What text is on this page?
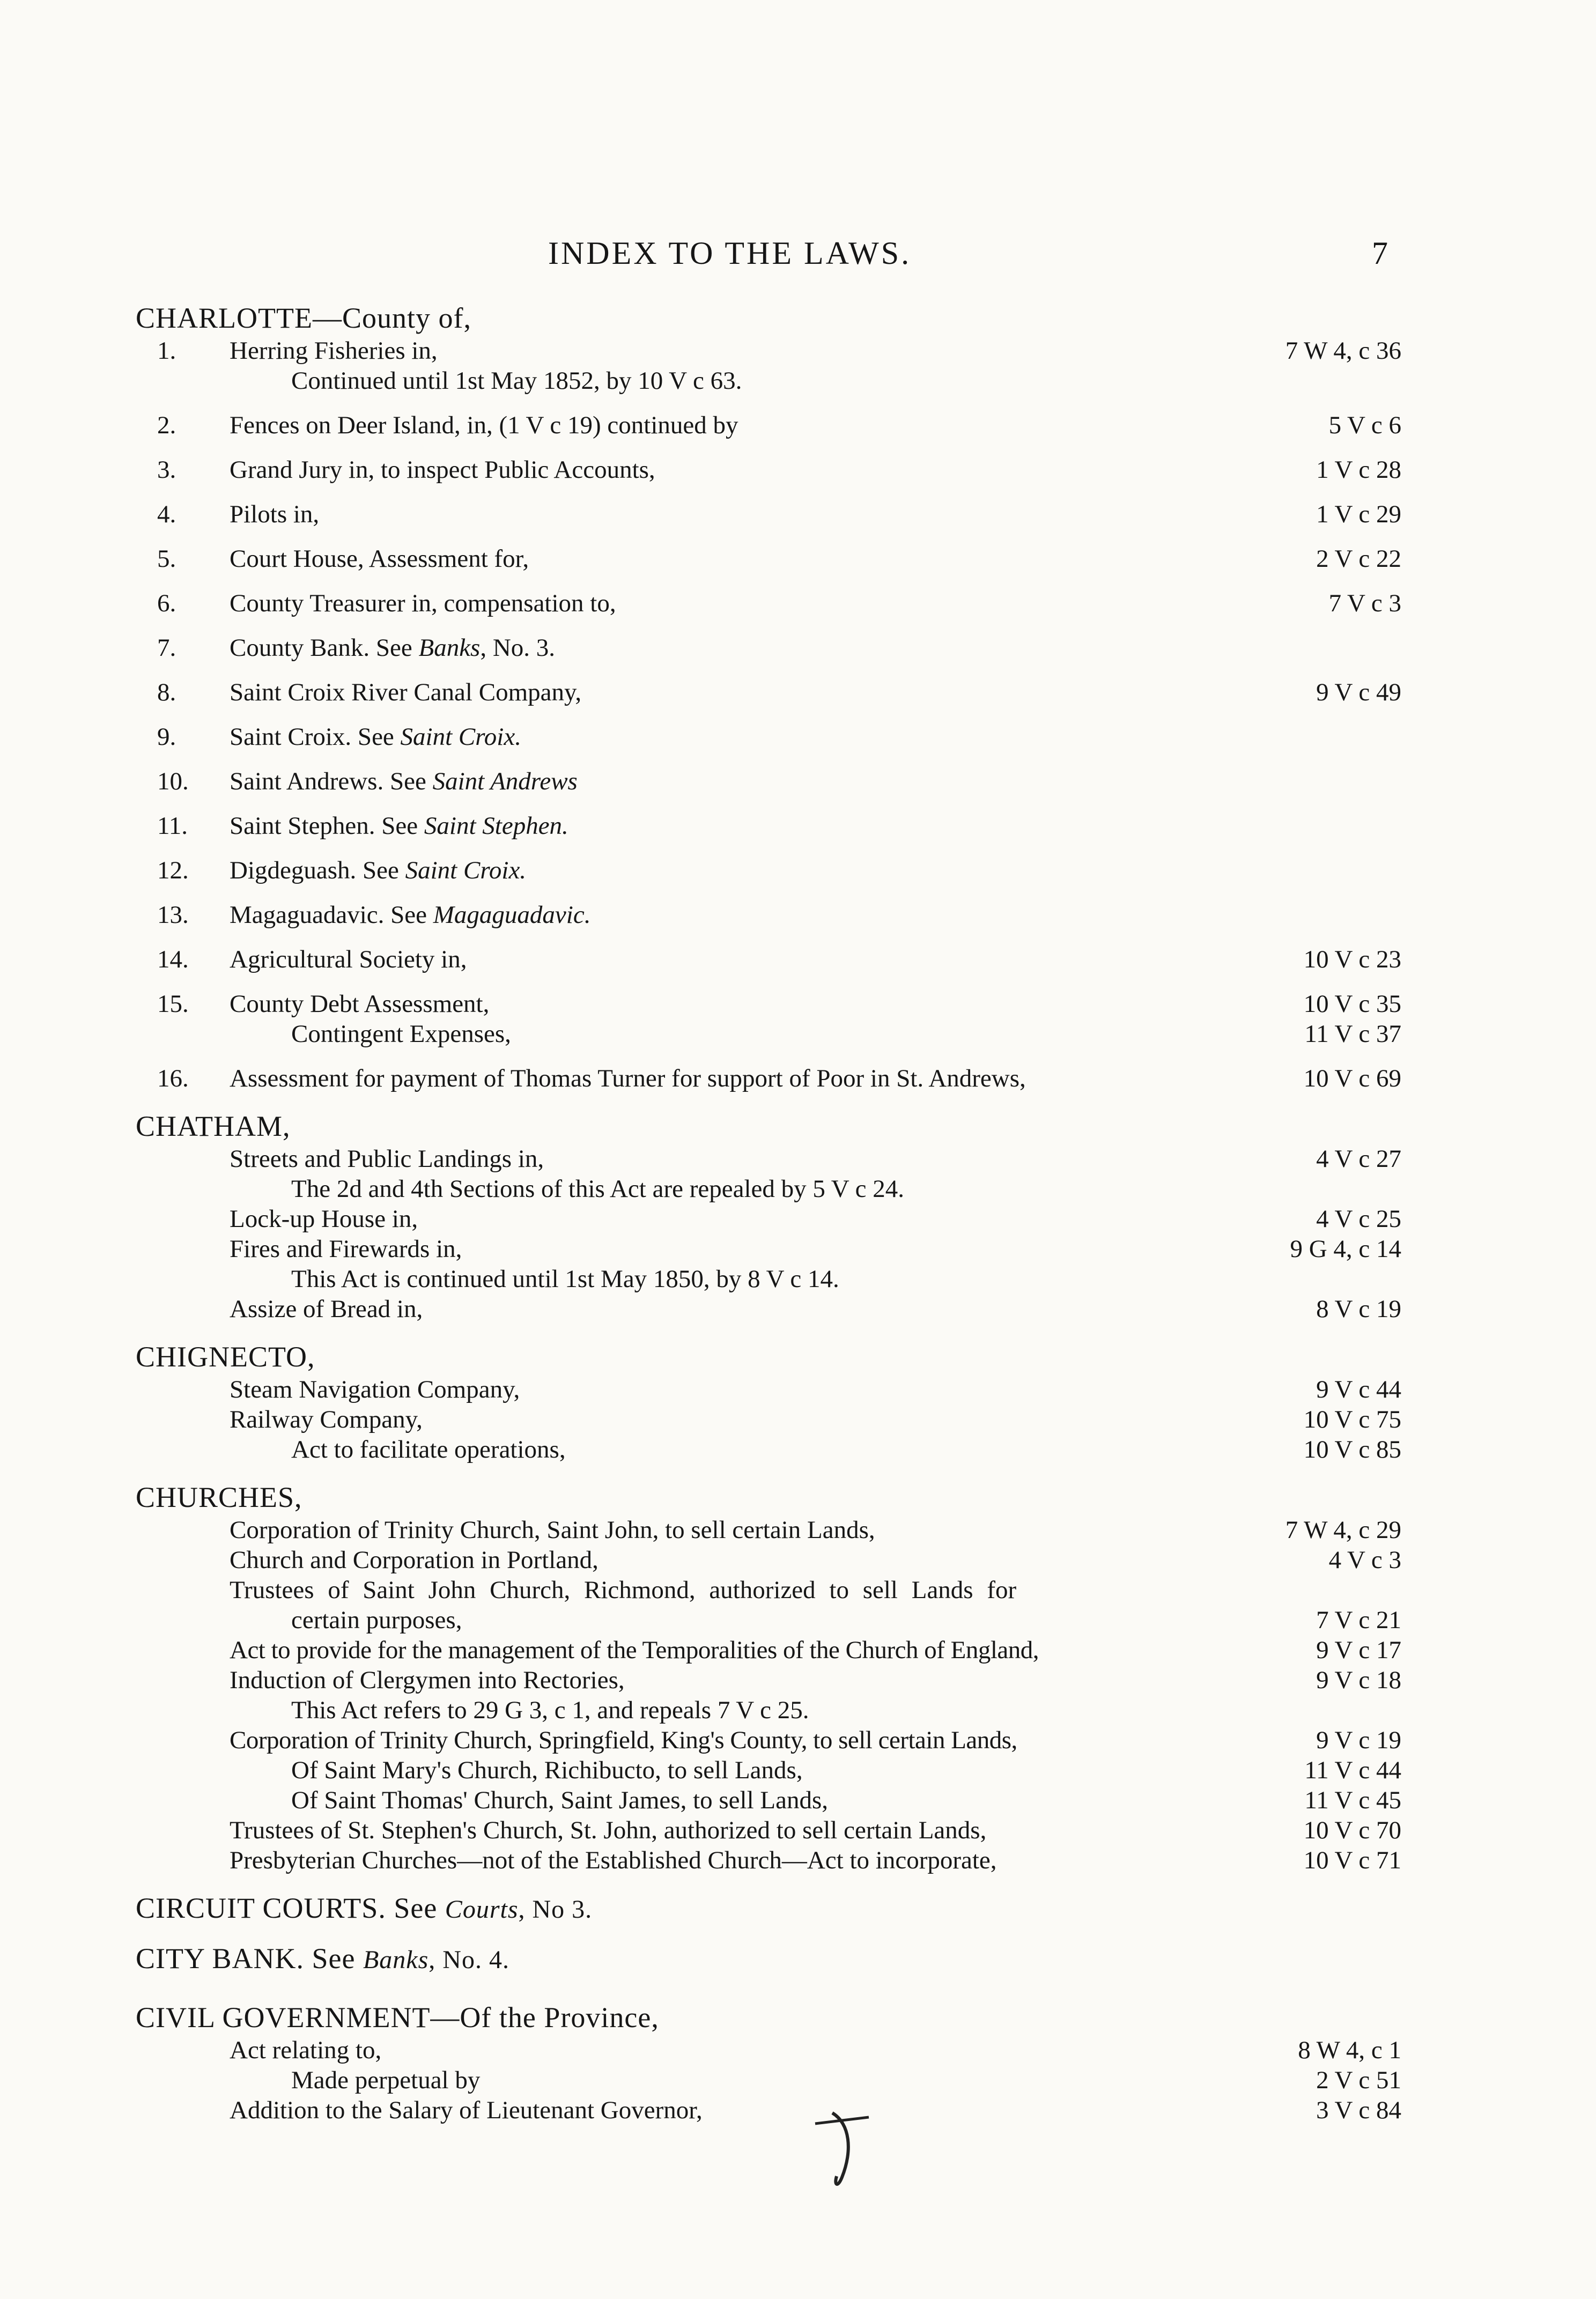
INDEX TO THE LAWS.	7
CHARLOTTE—County of,
1.	Herring Fisheries in,	7 W 4, c 36
Continued until 1st May 1852, by 10 V c 63.
2.	Fences on Deer Island, in, (1 V c 19) continued by	5 V c 6
3.	Grand Jury in, to inspect Public Accounts,	1 V c 28
4.	Pilots in,	1 V c 29
5.	Court House, Assessment for,	2 V c 22
6.	County Treasurer in, compensation to,	7 V c 3
7.	County Bank. See Banks, No. 3.
8.	Saint Croix River Canal Company,	9 V c 49
9.	Saint Croix. See Saint Croix.
10.	Saint Andrews. See Saint Andrews
11.	Saint Stephen. See Saint Stephen.
12.	Digdeguash. See Saint Croix.
13.	Magaguadavic. See Magaguadavic.
14.	Agricultural Society in,	10 V c 23
15.	County Debt Assessment,	10 V c 35
Contingent Expenses,	11 V c 37
16.	Assessment for payment of Thomas Turner for support of Poor in St. Andrews,	10 V c 69
CHATHAM,
Streets and Public Landings in,	4 V c 27
The 2d and 4th Sections of this Act are repealed by 5 V c 24.
Lock-up House in,	4 V c 25
Fires and Firewards in,	9 G 4, c 14
This Act is continued until 1st May 1850, by 8 V c 14.
Assize of Bread in,	8 V c 19
CHIGNECTO,
Steam Navigation Company,	9 V c 44
Railway Company,	10 V c 75
Act to facilitate operations,	10 V c 85
CHURCHES,
Corporation of Trinity Church, Saint John, to sell certain Lands,	7 W 4, c 29
Church and Corporation in Portland,	4 V c 3
Trustees of Saint John Church, Richmond, authorized to sell Lands for
certain purposes,	7 V c 21
Act to provide for the management of the Temporalities of the Church of England,	9 V c 17
Induction of Clergymen into Rectories,	9 V c 18
This Act refers to 29 G 3, c 1, and repeals 7 V c 25.
Corporation of Trinity Church, Springfield, King's County, to sell certain Lands,	9 V c 19
Of Saint Mary's Church, Richibucto, to sell Lands,	11 V c 44
Of Saint Thomas' Church, Saint James, to sell Lands,	11 V c 45
Trustees of St. Stephen's Church, St. John, authorized to sell certain Lands,	10 V c 70
Presbyterian Churches—not of the Established Church—Act to incorporate,	10 V c 71
CIRCUIT COURTS. See Courts, No 3.
CITY BANK. See Banks, No. 4.
CIVIL GOVERNMENT—Of the Province,
Act relating to,	8 W 4, c 1
Made perpetual by	2 V c 51
Addition to the Salary of Lieutenant Governor,	3 V c 84
